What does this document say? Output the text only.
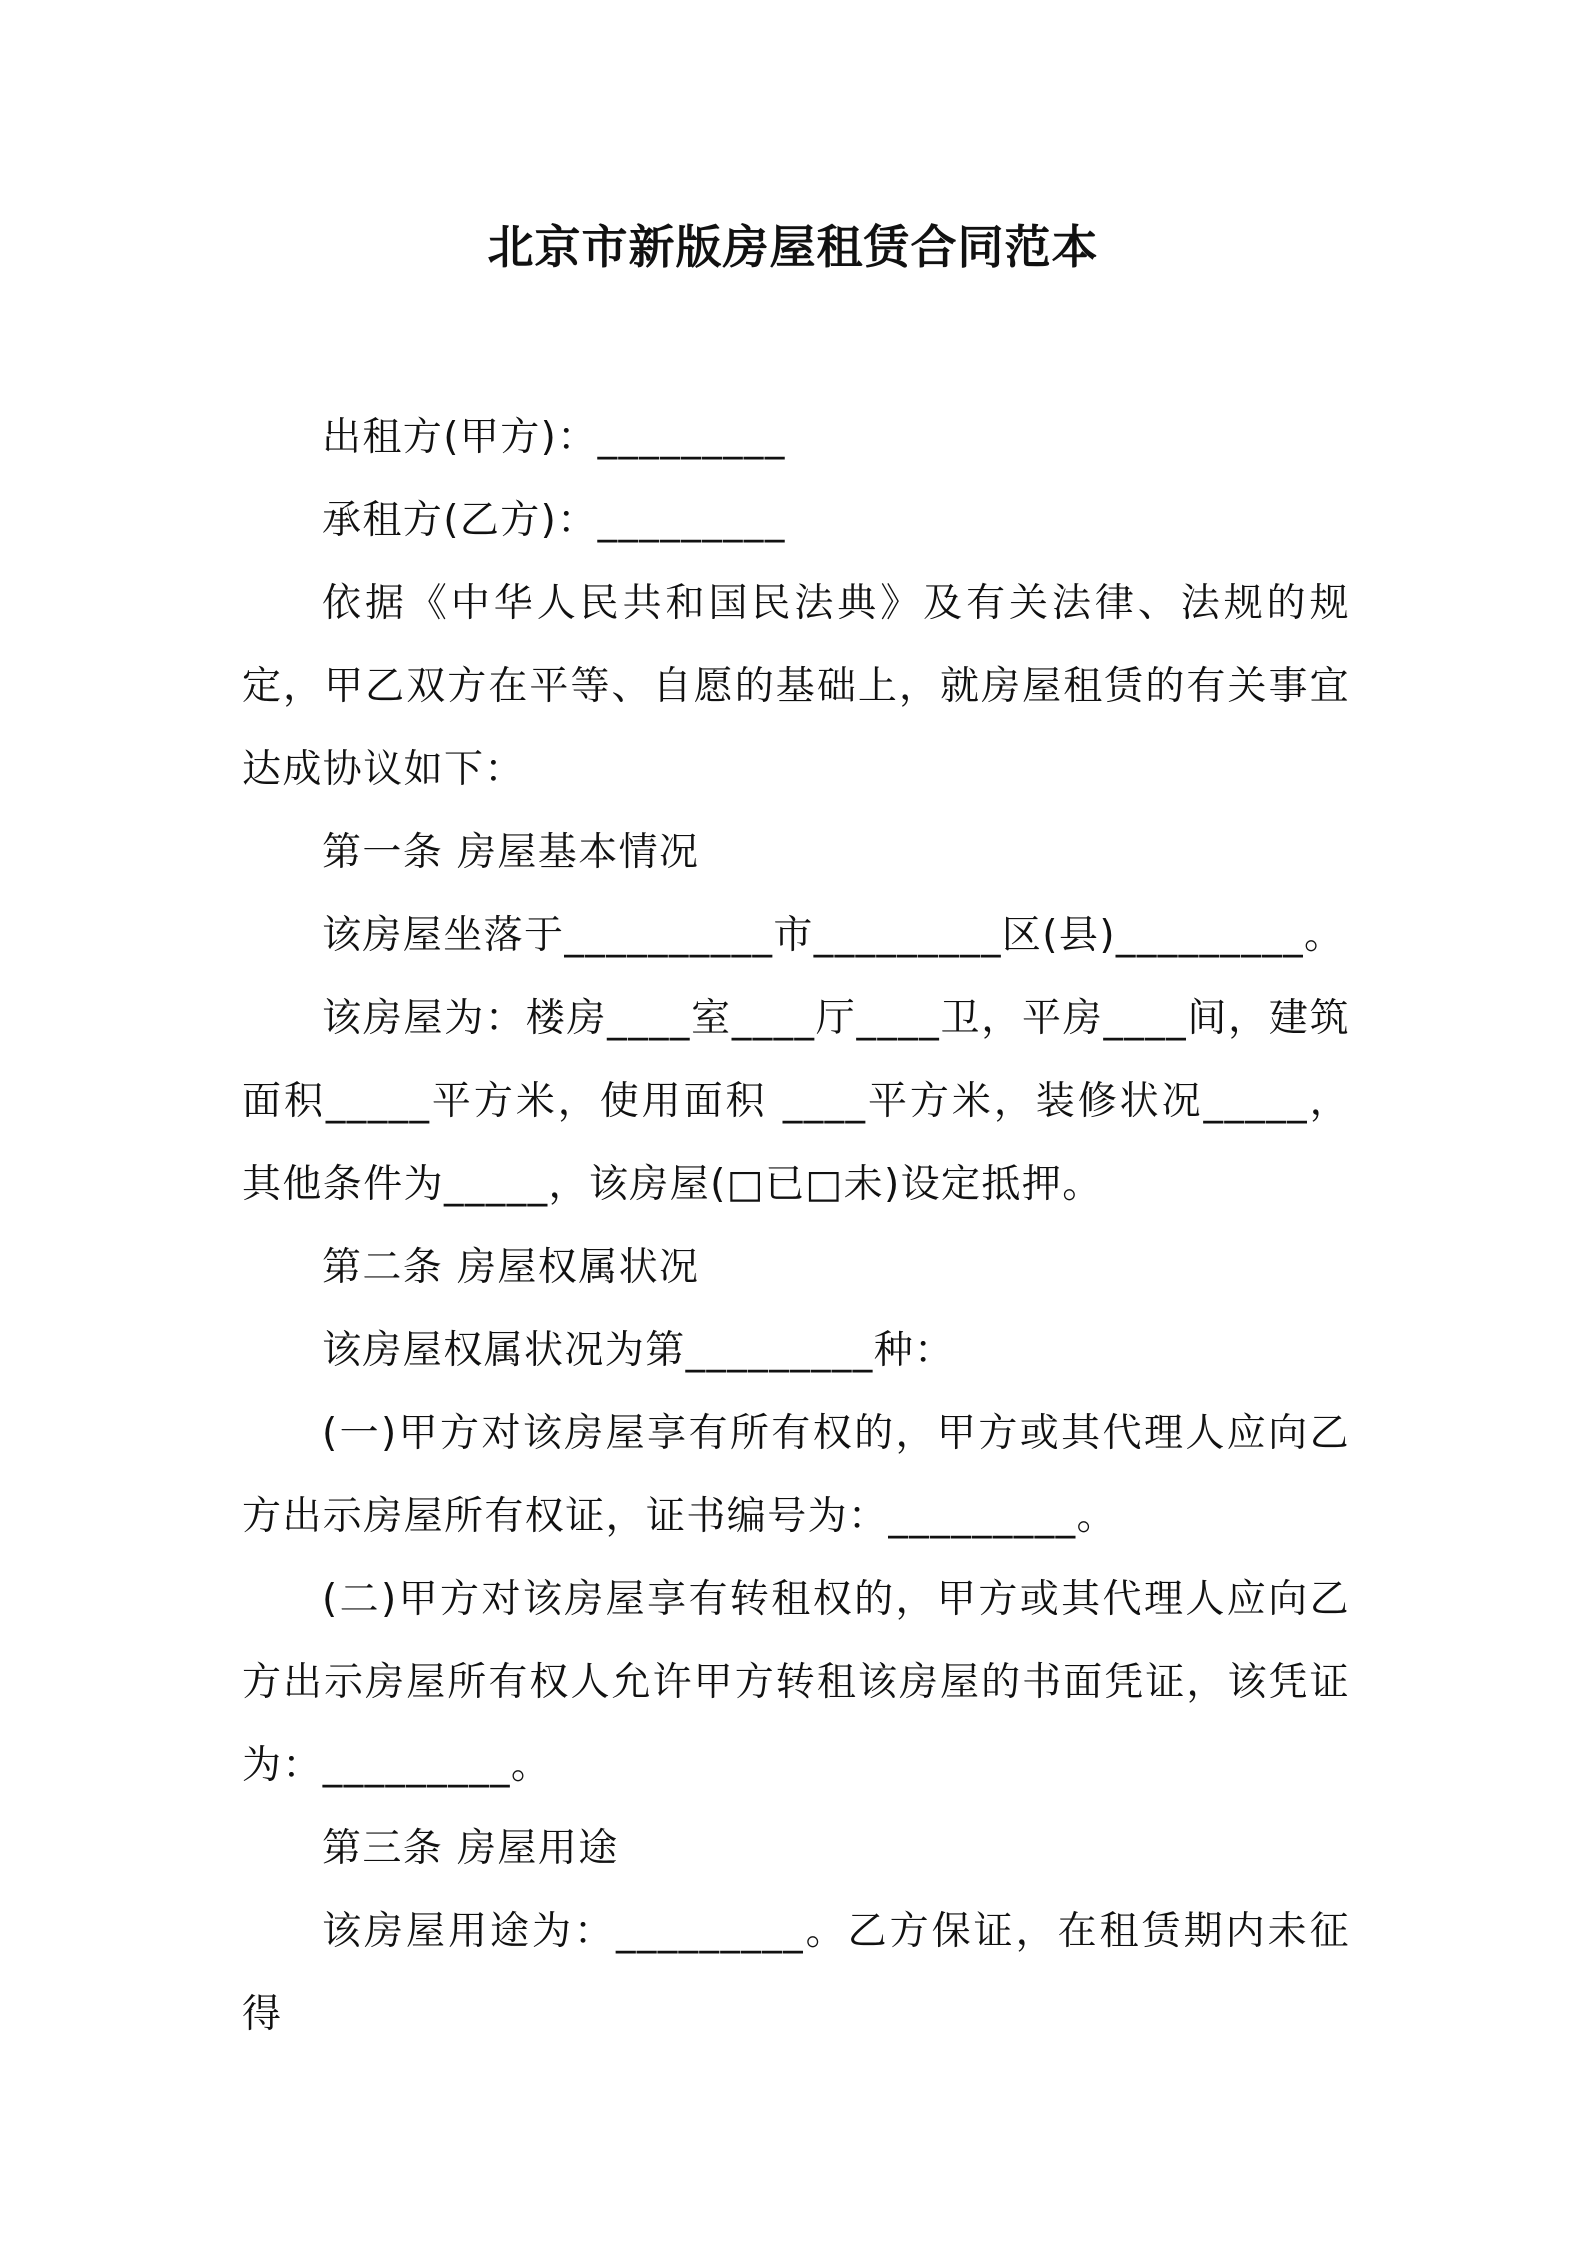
北京市新版房屋租赁合同范本

出租方(甲方)：_________

承租方(乙方)：_________

依据《中华人民共和国民法典》及有关法律、法规的规定，甲乙双方在平等、自愿的基础上，就房屋租赁的有关事宜达成协议如下：

第一条 房屋基本情况

该房屋坐落于__________市_________区(县)_________。

该房屋为：楼房____室____厅____卫，平房____间，建筑面积_____平方米，使用面积 ____平方米，装修状况_____，其他条件为_____，该房屋(□已□未)设定抵押。

第二条 房屋权属状况

该房屋权属状况为第_________种：

(一)甲方对该房屋享有所有权的，甲方或其代理人应向乙方出示房屋所有权证，证书编号为：_________。

(二)甲方对该房屋享有转租权的，甲方或其代理人应向乙方出示房屋所有权人允许甲方转租该房屋的书面凭证，该凭证为：_________。

第三条 房屋用途

该房屋用途为：_________。乙方保证，在租赁期内未征得
